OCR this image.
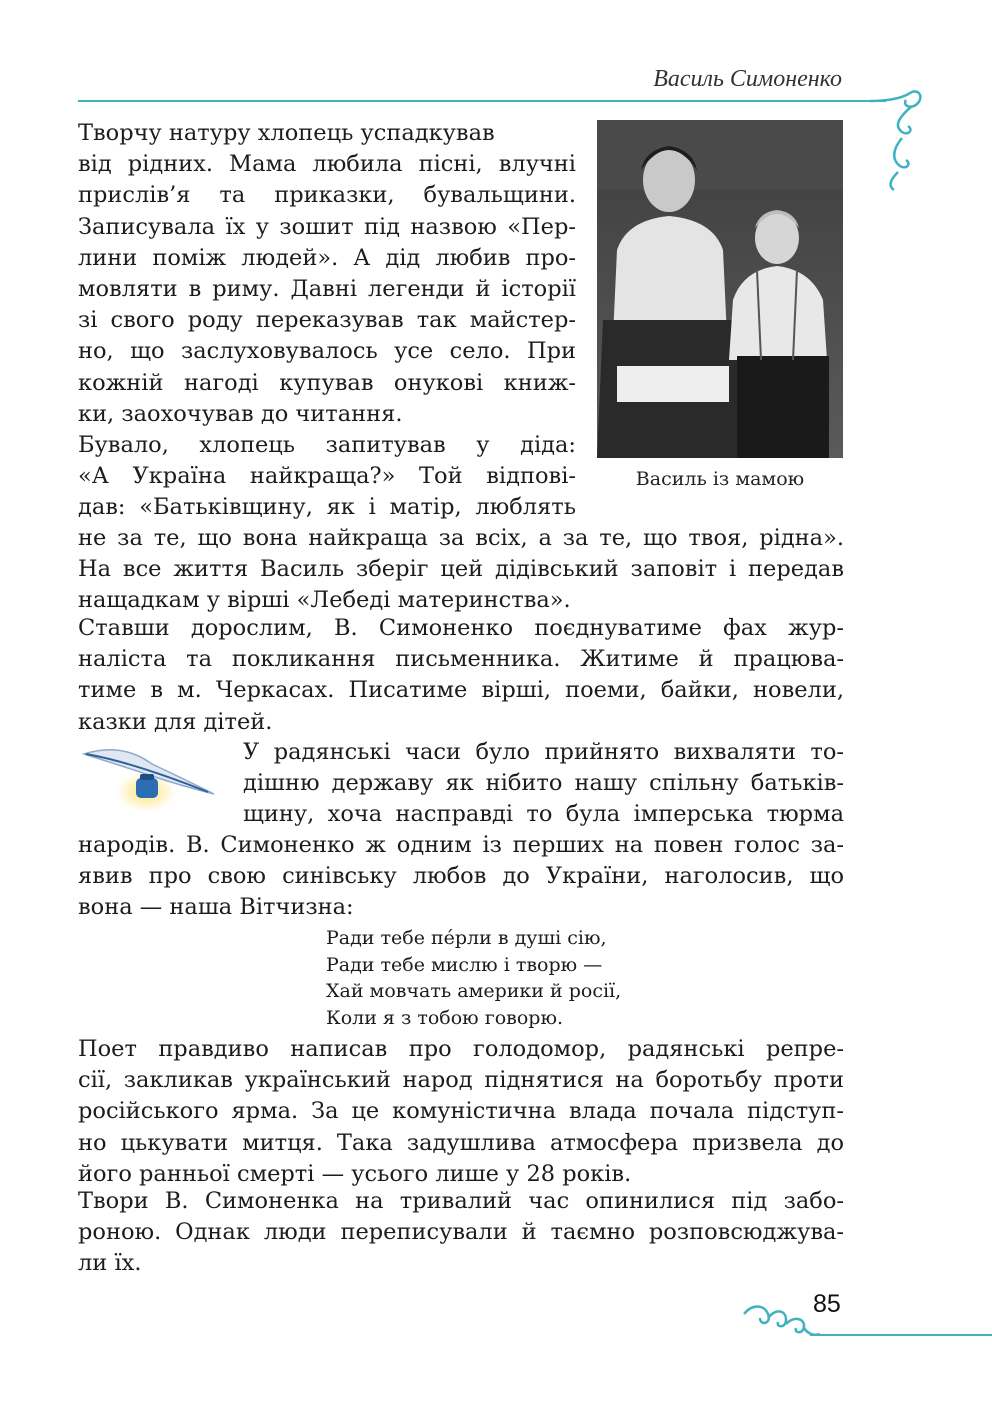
Василь Симоненко
Василь із мамою
Творчу натуру хлопець успадкував
від рідних. Мама любила пісні, влучні
прислів’я та приказки, бувальщини.
Записувала їх у зошит під назвою «Пер-
лини поміж людей». А дід любив про-
мовляти в риму. Давні легенди й історії
зі свого роду переказував так майстер-
но, що заслуховувалось усе село. При
кожній нагоді купував онукові книж-
ки, заохочував до читання.
Бувало, хлопець запитував у діда:
«А Україна найкраща?» Той відпові-
дав: «Батьківщину, як і матір, люблять
не за те, що вона найкраща за всіх, а за те, що твоя, рідна».
На все життя Василь зберіг цей дідівський заповіт і передав
нащадкам у вірші «Лебеді материнства».
Ставши дорослим, В. Симоненко поєднуватиме фах жур-
наліста та покликання письменника. Житиме й працюва-
тиме в м. Черкасах. Писатиме вірші, поеми, байки, новели,
казки для дітей.
У радянські часи було прийнято вихваляти то-
дішню державу як нібито нашу спільну батьків-
щину, хоча насправді то була імперська тюрма
народів. В. Симоненко ж одним із перших на повен голос за-
явив про свою синівську любов до України, наголосив, що
вона — наша Вітчизна:
Ради тебе пе́рли в душі сію,
Ради тебе мислю і творю —
Хай мовчать америки й росії,
Коли я з тобою говорю.
Поет правдиво написав про голодомор, радянські репре-
сії, закликав український народ піднятися на боротьбу проти
російського ярма. За це комуністична влада почала підступ-
но цькувати митця. Така задушлива атмосфера призвела до
його ранньої смерті — усього лише у 28 років.
Твори В. Симоненка на тривалий час опинилися під забо-
роною. Однак люди переписували й таємно розповсюджува-
ли їх.
85
